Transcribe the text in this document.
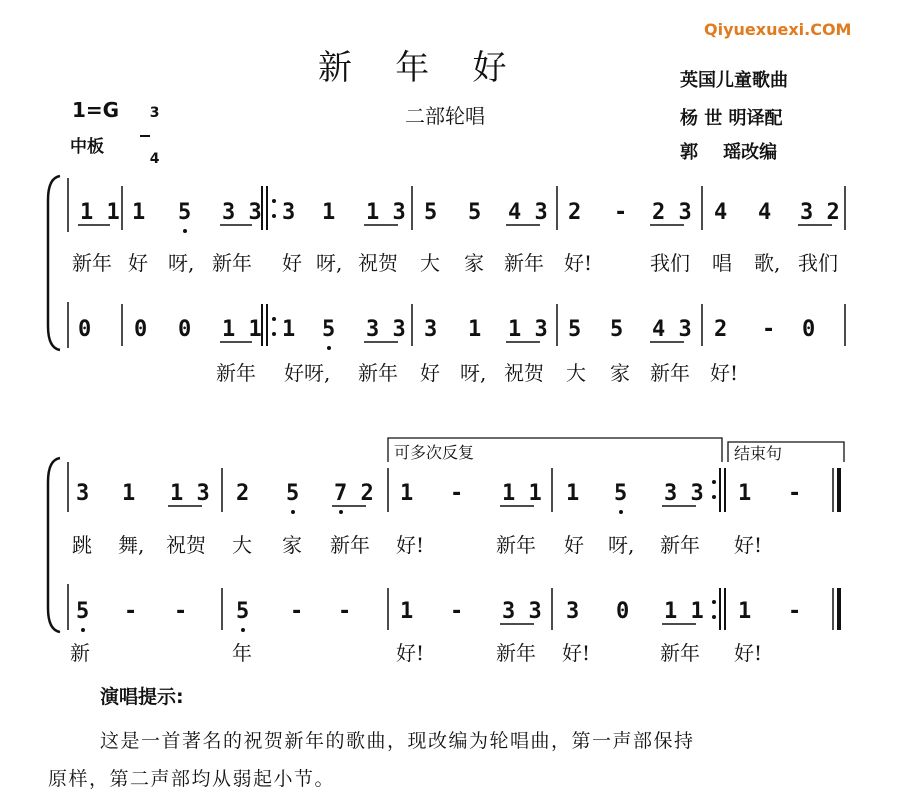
Qiyuexuexi.COM
新    年    好
二部轮唱
1=G	3

4

中板
英国儿童歌曲
杨 世 明译配
郭    瑶改编
1 1 1 5 3 3 3 1 1 3 5 5 4 3 2 - 2 3 4 4 3 2
新年 好 呀, 新年 好 呀, 祝贺 大 家 新年 好!	我们 唱 歌, 我们
0 0 0 1 1 1 5 3 3 3 1 1 3 5 5 4 3 2 - 0
新年 好呀, 新年 好 呀, 祝贺 大 家 新年 好!
可多次反复	结束句
3 1 1 3 2 5 7 2 1 - 1 1 1 5 3 3 1 -
跳 舞, 祝贺 大 家 新年 好!	新年 好 呀, 新年 好!
5 - - 5 - - 1 - 3 3 3 0 1 1 1 -
新	年	好!	新年 好!	新年 好!
演唱提示:
这是一首著名的祝贺新年的歌曲，现改编为轮唱曲，第一声部保持
原样，第二声部均从弱起小节。
